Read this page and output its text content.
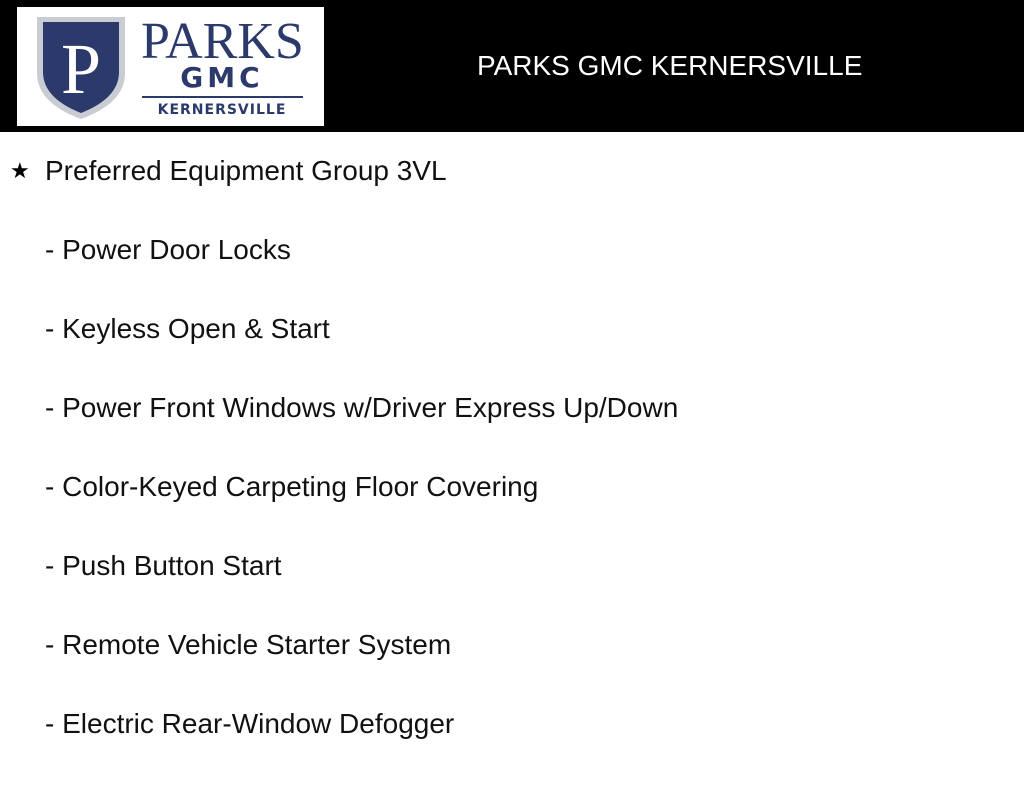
P PARKS
GMC
KERNERSVILLE
PARKS GMC KERNERSVILLE
★ Preferred Equipment Group 3VL
- Power Door Locks
- Keyless Open & Start
- Power Front Windows w/Driver Express Up/Down
- Color-Keyed Carpeting Floor Covering
- Push Button Start
- Remote Vehicle Starter System
- Electric Rear-Window Defogger
